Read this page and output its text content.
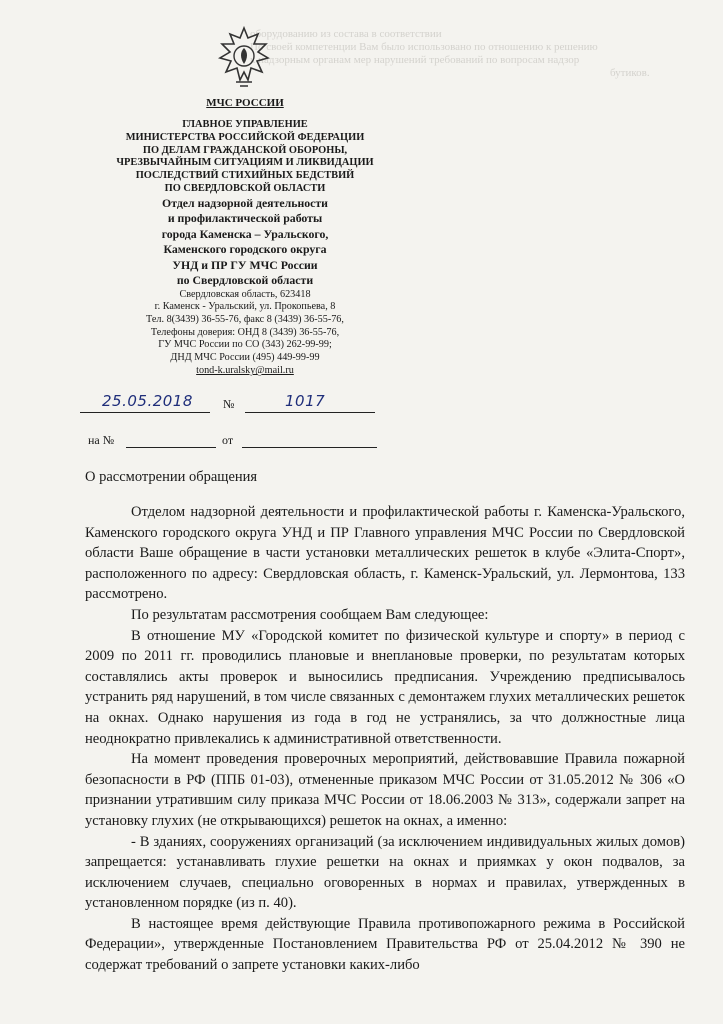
оборудованию из состава в соответствии
По своей компетенции Вам было использовано по отношению к решению
к надзорным органам мер нарушений требований по вопросам надзор
бутиков.
МЧС РОССИИ
ГЛАВНОЕ УПРАВЛЕНИЕ
МИНИСТЕРСТВА РОССИЙСКОЙ ФЕДЕРАЦИИ
ПО ДЕЛАМ ГРАЖДАНСКОЙ ОБОРОНЫ,
ЧРЕЗВЫЧАЙНЫМ СИТУАЦИЯМ И ЛИКВИДАЦИИ
ПОСЛЕДСТВИЙ СТИХИЙНЫХ БЕДСТВИЙ
ПО СВЕРДЛОВСКОЙ ОБЛАСТИ
Отдел надзорной деятельности
и профилактической работы
города Каменска – Уральского,
Каменского городского округа
УНД и ПР ГУ МЧС России
по Свердловской области
Свердловская область, 623418
г. Каменск - Уральский, ул. Прокопьева, 8
Тел. 8(3439) 36-55-76, факс 8 (3439) 36-55-76,
Телефоны доверия: ОНД 8 (3439) 36-55-76,
ГУ МЧС России по СО (343) 262-99-99;
ДНД МЧС России (495) 449-99-99
tond-k.uralsky@mail.ru
25.05.2018	№	1017
на №	от
О рассмотрении обращения

Отделом надзорной деятельности и профилактической работы г. Каменска-Уральского, Каменского городского округа УНД и ПР Главного управления МЧС России по Свердловской области Ваше обращение в части установки металлических решеток в клубе «Элита-Спорт», расположенного по адресу: Свердловская область, г. Каменск-Уральский, ул. Лермонтова, 133 рассмотрено.

По результатам рассмотрения сообщаем Вам следующее:

В отношение МУ «Городской комитет по физической культуре и спорту» в период с 2009 по 2011 гг. проводились плановые и внеплановые проверки, по результатам которых составлялись акты проверок и выносились предписания. Учреждению предписывалось устранить ряд нарушений, в том числе связанных с демонтажем глухих металлических решеток на окнах. Однако нарушения из года в год не устранялись, за что должностные лица неоднократно привлекались к административной ответственности.

На момент проведения проверочных мероприятий, действовавшие Правила пожарной безопасности в РФ (ППБ 01-03), отмененные приказом МЧС России от 31.05.2012 № 306 «О признании утратившим силу приказа МЧС России от 18.06.2003 № 313», содержали запрет на установку глухих (не открывающихся) решеток на окнах, а именно:

- В зданиях, сооружениях организаций (за исключением индивидуальных жилых домов) запрещается: устанавливать глухие решетки на окнах и приямках у окон подвалов, за исключением случаев, специально оговоренных в нормах и правилах, утвержденных в установленном порядке (из п. 40).

В настоящее время действующие Правила противопожарного режима в Российской Федерации», утвержденные Постановлением Правительства РФ от 25.04.2012 № 390 не содержат требований о запрете установки каких-либо
